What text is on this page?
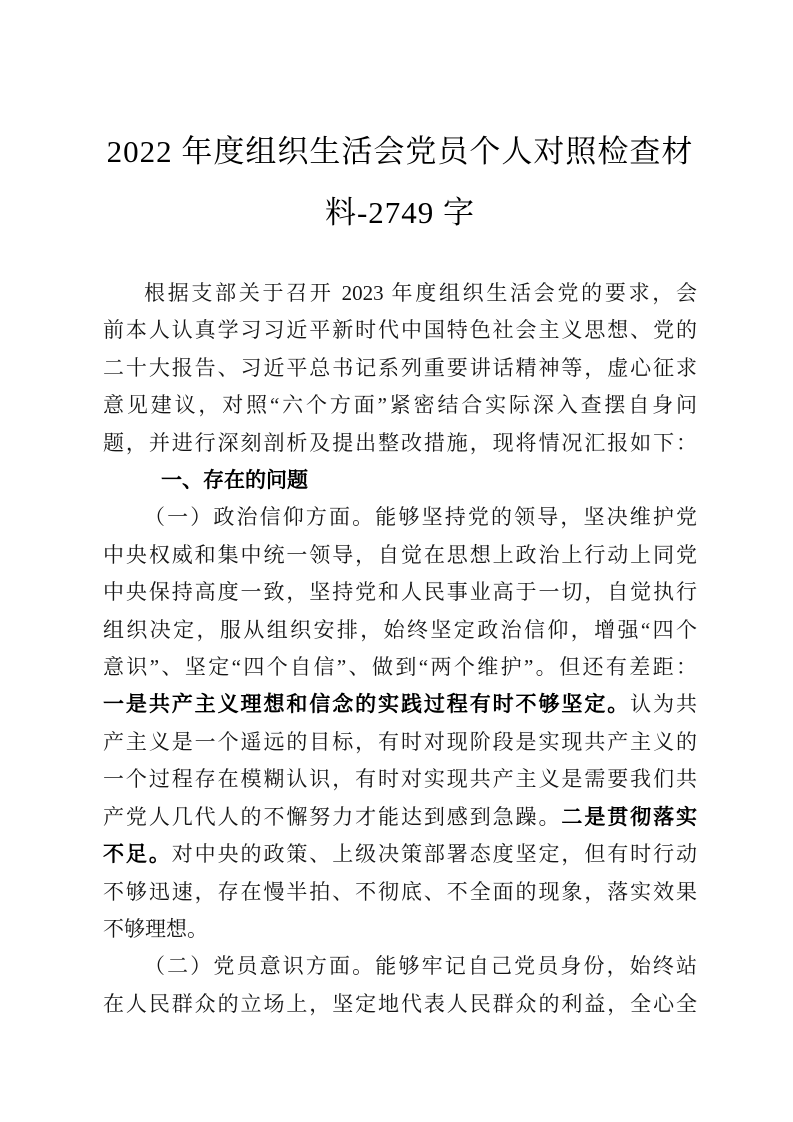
2022 年度组织生活会党员个人对照检查材
料-2749 字
根据支部关于召开 2023 年度组织生活会党的要求，会
前本人认真学习习近平新时代中国特色社会主义思想、党的
二十大报告、习近平总书记系列重要讲话精神等，虚心征求
意见建议，对照“六个方面”紧密结合实际深入查摆自身问
题，并进行深刻剖析及提出整改措施，现将情况汇报如下：
一、存在的问题
（一）政治信仰方面。能够坚持党的领导，坚决维护党
中央权威和集中统一领导，自觉在思想上政治上行动上同党
中央保持高度一致，坚持党和人民事业高于一切，自觉执行
组织决定，服从组织安排，始终坚定政治信仰，增强“四个
意识”、坚定“四个自信”、做到“两个维护”。但还有差距：
一是共产主义理想和信念的实践过程有时不够坚定。认为共
产主义是一个遥远的目标，有时对现阶段是实现共产主义的
一个过程存在模糊认识，有时对实现共产主义是需要我们共
产党人几代人的不懈努力才能达到感到急躁。二是贯彻落实
不足。对中央的政策、上级决策部署态度坚定，但有时行动
不够迅速，存在慢半拍、不彻底、不全面的现象，落实效果
不够理想。
（二）党员意识方面。能够牢记自己党员身份，始终站
在人民群众的立场上，坚定地代表人民群众的利益，全心全
